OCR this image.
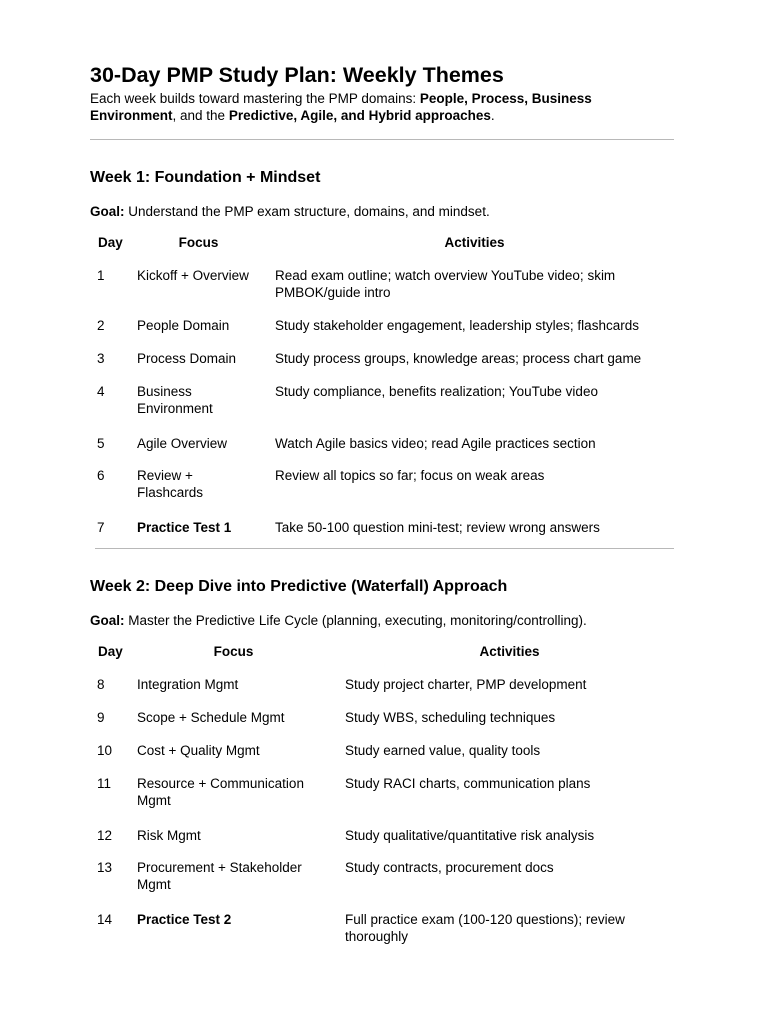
30-Day PMP Study Plan: Weekly Themes

Each week builds toward mastering the PMP domains: People, Process, Business Environment, and the Predictive, Agile, and Hybrid approaches.

Week 1: Foundation + Mindset

Goal: Understand the PMP exam structure, domains, and mindset.

Day	Focus	Activities
1	Kickoff + Overview	Read exam outline; watch overview YouTube video; skim PMBOK/guide intro
2	People Domain	Study stakeholder engagement, leadership styles; flashcards
3	Process Domain	Study process groups, knowledge areas; process chart game
4	Business Environment	Study compliance, benefits realization; YouTube video
5	Agile Overview	Watch Agile basics video; read Agile practices section
6	Review + Flashcards	Review all topics so far; focus on weak areas
7	Practice Test 1	Take 50-100 question mini-test; review wrong answers
Week 2: Deep Dive into Predictive (Waterfall) Approach

Goal: Master the Predictive Life Cycle (planning, executing, monitoring/controlling).

Day	Focus	Activities
8	Integration Mgmt	Study project charter, PMP development
9	Scope + Schedule Mgmt	Study WBS, scheduling techniques
10	Cost + Quality Mgmt	Study earned value, quality tools
11	Resource + Communication Mgmt	Study RACI charts, communication plans
12	Risk Mgmt	Study qualitative/quantitative risk analysis
13	Procurement + Stakeholder Mgmt	Study contracts, procurement docs
14	Practice Test 2	Full practice exam (100-120 questions); review thoroughly
